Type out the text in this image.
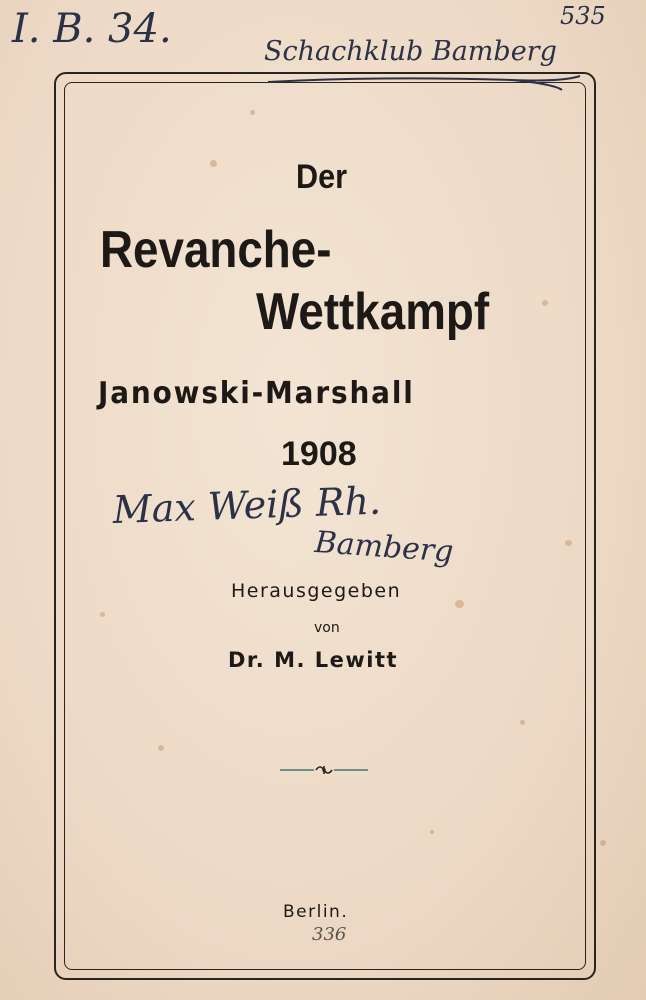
I. B. 34.	535
Schachklub Bamberg
Der
Revanche-
Wettkampf
Janowski-Marshall
1908
Max Weiß Rh.
Bamberg
Herausgegeben
von
Dr. M. Lewitt
Berlin.
336
